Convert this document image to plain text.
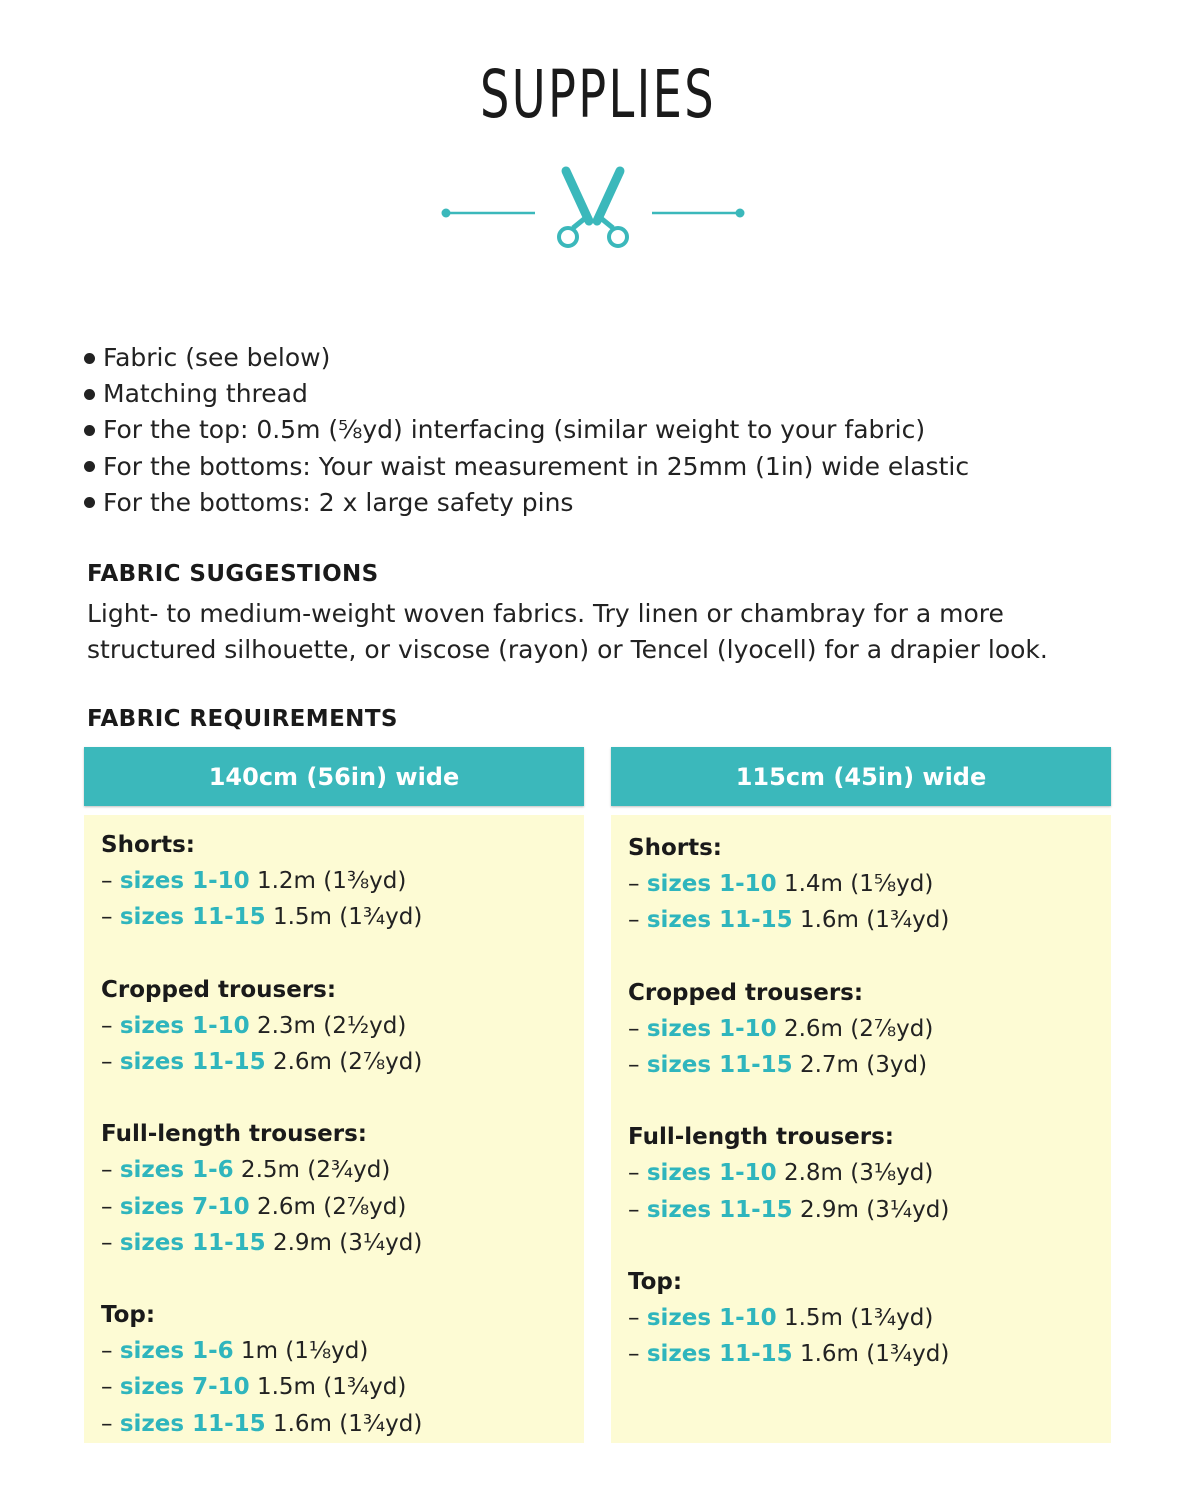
SUPPLIES
Fabric (see below)
Matching thread
For the top: 0.5m (⅝yd) interfacing (similar weight to your fabric)
For the bottoms: Your waist measurement in 25mm (1in) wide elastic
For the bottoms: 2 x large safety pins
FABRIC SUGGESTIONS

Light- to medium-weight woven fabrics. Try linen or chambray for a more structured silhouette, or viscose (rayon) or Tencel (lyocell) for a drapier look.

FABRIC REQUIREMENTS
140cm (56in) wide
Shorts:
– sizes 1-10 1.2m (1⅜yd)
– sizes 11-15 1.5m (1¾yd)
Cropped trousers:
– sizes 1-10 2.3m (2½yd)
– sizes 11-15 2.6m (2⅞yd)
Full-length trousers:
– sizes 1-6 2.5m (2¾yd)
– sizes 7-10 2.6m (2⅞yd)
– sizes 11-15 2.9m (3¼yd)
Top:
– sizes 1-6 1m (1⅛yd)
– sizes 7-10 1.5m (1¾yd)
– sizes 11-15 1.6m (1¾yd)
115cm (45in) wide
Shorts:
– sizes 1-10 1.4m (1⅝yd)
– sizes 11-15 1.6m (1¾yd)
Cropped trousers:
– sizes 1-10 2.6m (2⅞yd)
– sizes 11-15 2.7m (3yd)
Full-length trousers:
– sizes 1-10 2.8m (3⅛yd)
– sizes 11-15 2.9m (3¼yd)
Top:
– sizes 1-10 1.5m (1¾yd)
– sizes 11-15 1.6m (1¾yd)
